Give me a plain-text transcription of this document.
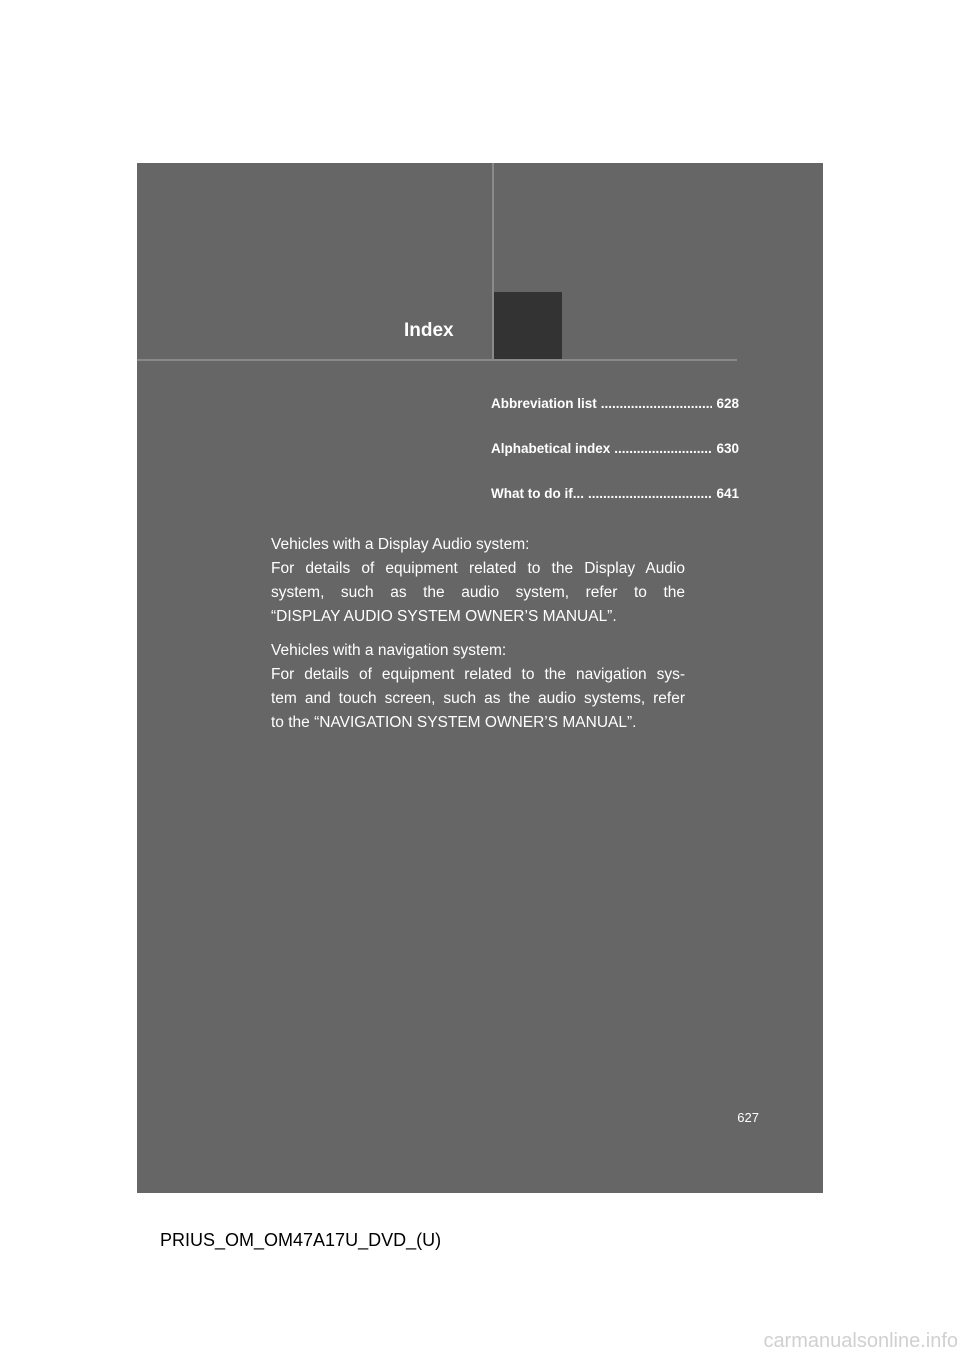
Index
Abbreviation list .....	628
Alphabetical index .....	630
What to do if... .....	641
Vehicles with a Display Audio system:
For details of equipment related to the Display Audio
system, such as the audio system, refer to the
“DISPLAY AUDIO SYSTEM OWNER’S MANUAL”.
Vehicles with a navigation system:
For details of equipment related to the navigation sys-
tem and touch screen, such as the audio systems, refer
to the “NAVIGATION SYSTEM OWNER’S MANUAL”.
627
PRIUS_OM_OM47A17U_DVD_(U)
carmanualsonline.info
